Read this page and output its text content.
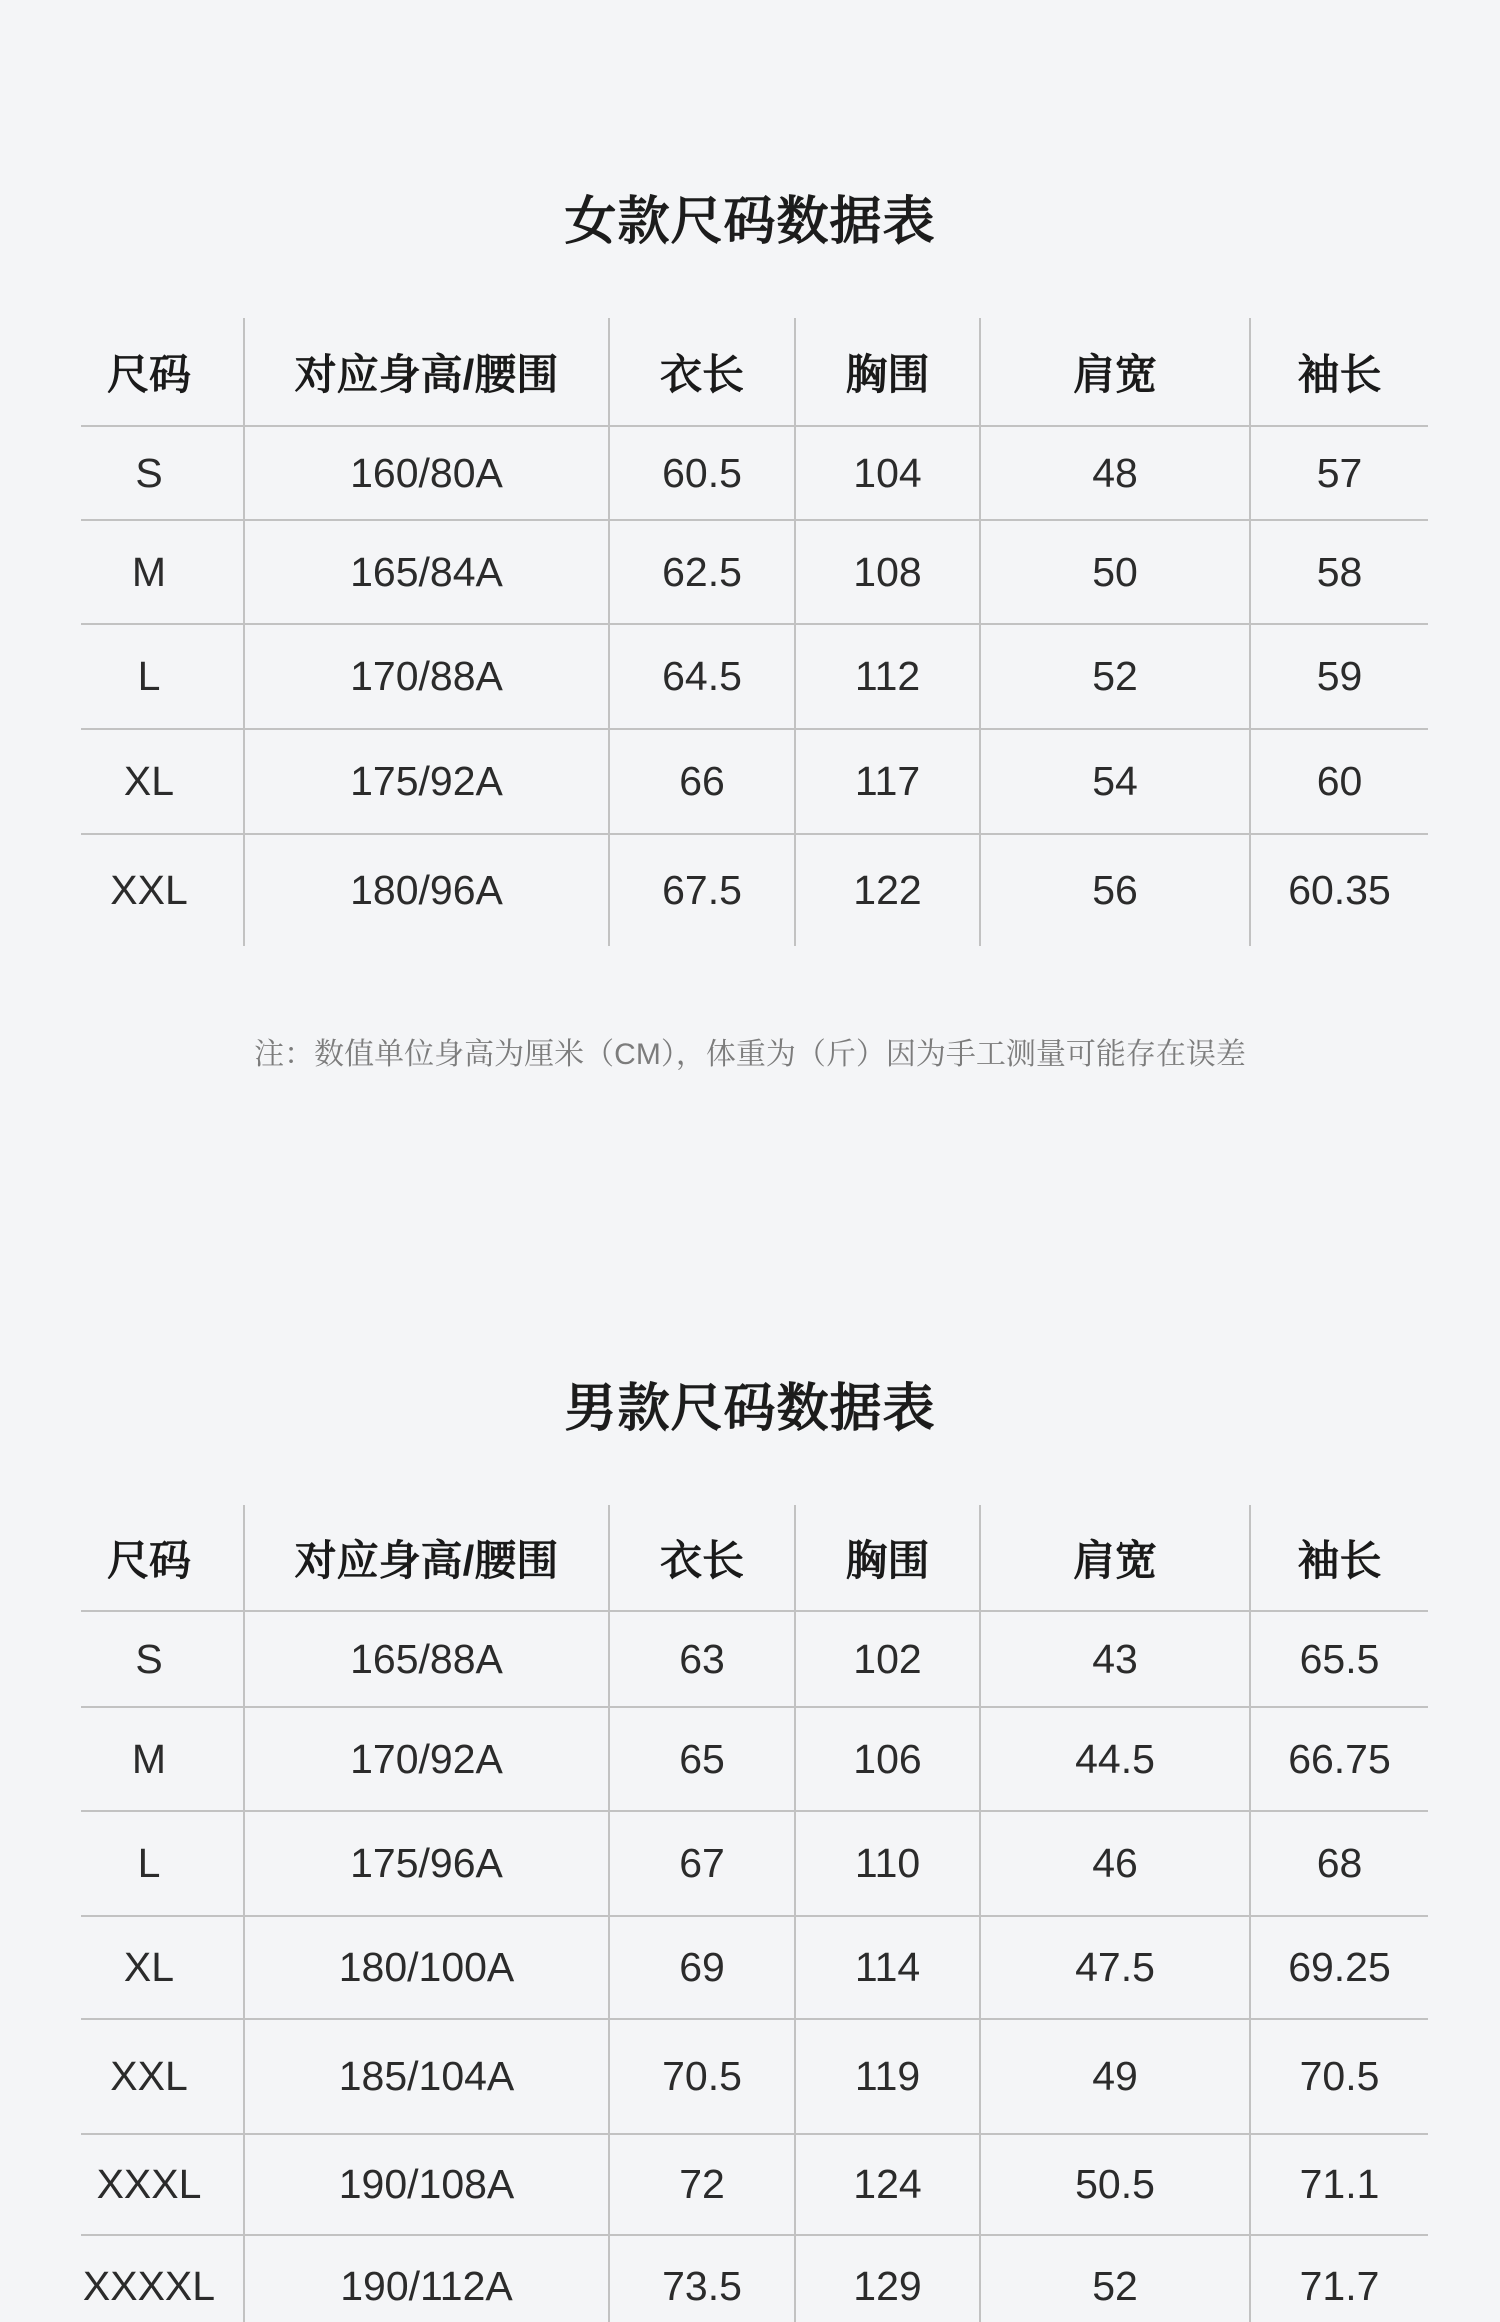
女款尺码数据表
尺码	对应身高/腰围	衣长	胸围	肩宽	袖长
S	160/80A	60.5	104	48	57
M	165/84A	62.5	108	50	58
L	170/88A	64.5	112	52	59
XL	175/92A	66	117	54	60
XXL	180/96A	67.5	122	56	60.35
注：数值单位身高为厘米（CM），体重为（斤）因为手工测量可能存在误差
男款尺码数据表
尺码	对应身高/腰围	衣长	胸围	肩宽	袖长
S	165/88A	63	102	43	65.5
M	170/92A	65	106	44.5	66.75
L	175/96A	67	110	46	68
XL	180/100A	69	114	47.5	69.25
XXL	185/104A	70.5	119	49	70.5
XXXL	190/108A	72	124	50.5	71.1
XXXXL	190/112A	73.5	129	52	71.7
